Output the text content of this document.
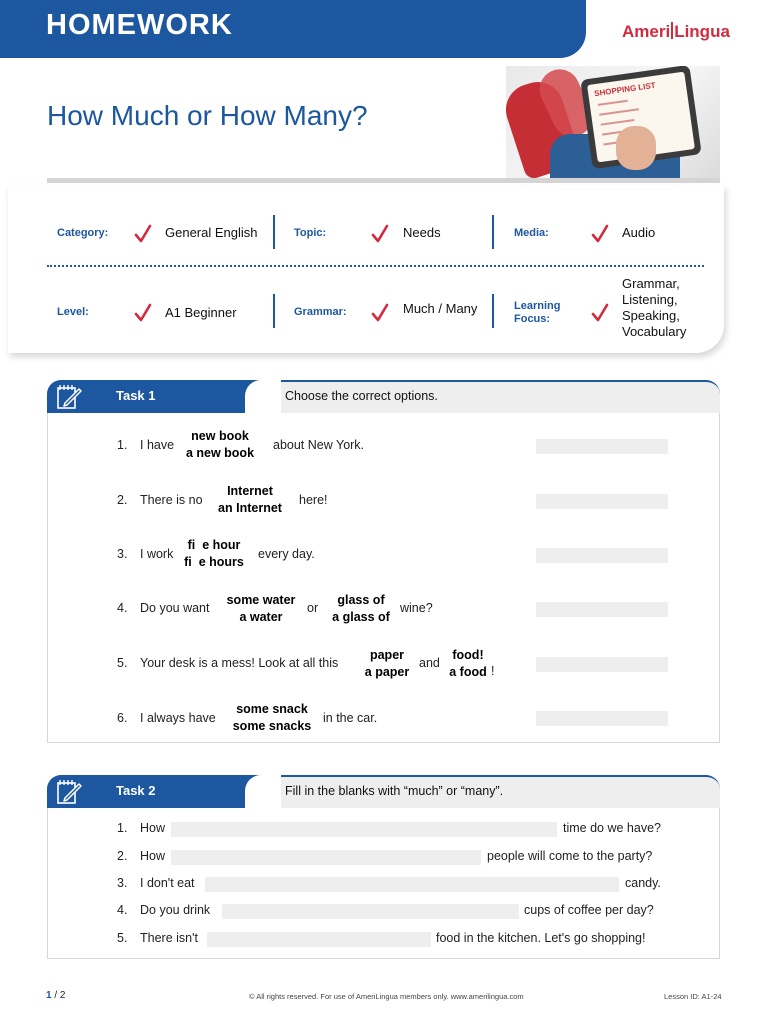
HOMEWORK	Ameri Lingua
How Much or How Many?
SHOPPING LIST
Category:	General English	Topic:	Needs	Media:	Audio
Level:	A1 Beginner	Grammar:	Much / Many	Learning
Focus:
Grammar,
Listening,
Speaking,
Vocabulary
Task 1	Choose the correct options.
1. I have
new book
a new book
about New York.
2. There is no
Internet
an Internet
here!
3. I work
fi  e hour
fi  e hours
every day.
4. Do you want
some water
a water
or
glass of
a glass of
wine?
5. Your desk is a mess! Look at all this
paper
a paper
and
food!
a food !
6. I always have
some snack
some snacks
in the car.
Task 2	Fill in the blanks with “much” or “many”.
1. How	time do we have?
2. How	people will come to the party?
3. I don't eat	candy.
4. Do you drink	cups of coffee per day?
5. There isn't	food in the kitchen. Let's go shopping!
1 / 2	© All rights reserved. For use of AmeriLingua members only. www.amerilingua.com	Lesson ID: A1-24
